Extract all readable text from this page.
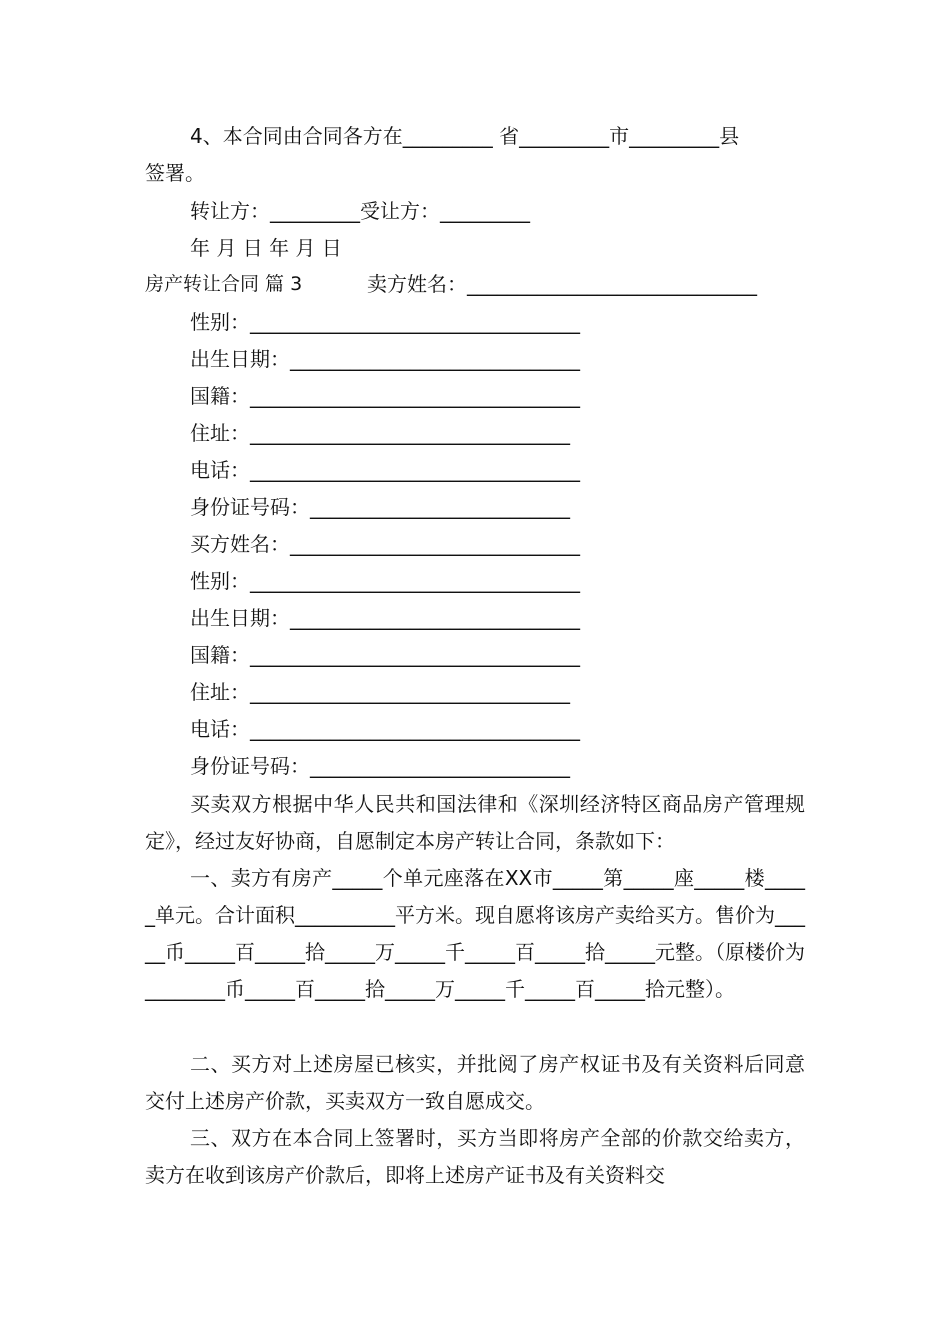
4、本合同由合同各方在_________ 省_________市_________县
签署。
转让方：_________受让方：_________
年 月 日 年 月 日
房产转让合同 篇 3	卖方姓名：_____________________________
性别：_________________________________
出生日期：_____________________________
国籍：_________________________________
住址：________________________________
电话：_________________________________
身份证号码：__________________________
买方姓名：_____________________________
性别：_________________________________
出生日期：_____________________________
国籍：_________________________________
住址：________________________________
电话：_________________________________
身份证号码：__________________________
买卖双方根据中华人民共和国法律和《深圳经济特区商品房产管理规定》，经过友好协商，自愿制定本房产转让合同，条款如下：
一、卖方有房产_____个单元座落在XX市_____第_____座_____楼_____单元。合计面积__________平方米。现自愿将该房产卖给买方。售价为_____币_____百_____拾_____万_____千_____百_____拾_____元整。（原楼价为________币_____百_____拾_____万_____千_____百_____拾元整）。
二、买方对上述房屋已核实，并批阅了房产权证书及有关资料后同意交付上述房产价款，买卖双方一致自愿成交。
三、双方在本合同上签署时，买方当即将房产全部的价款交给卖方，卖方在收到该房产价款后，即将上述房产证书及有关资料交
